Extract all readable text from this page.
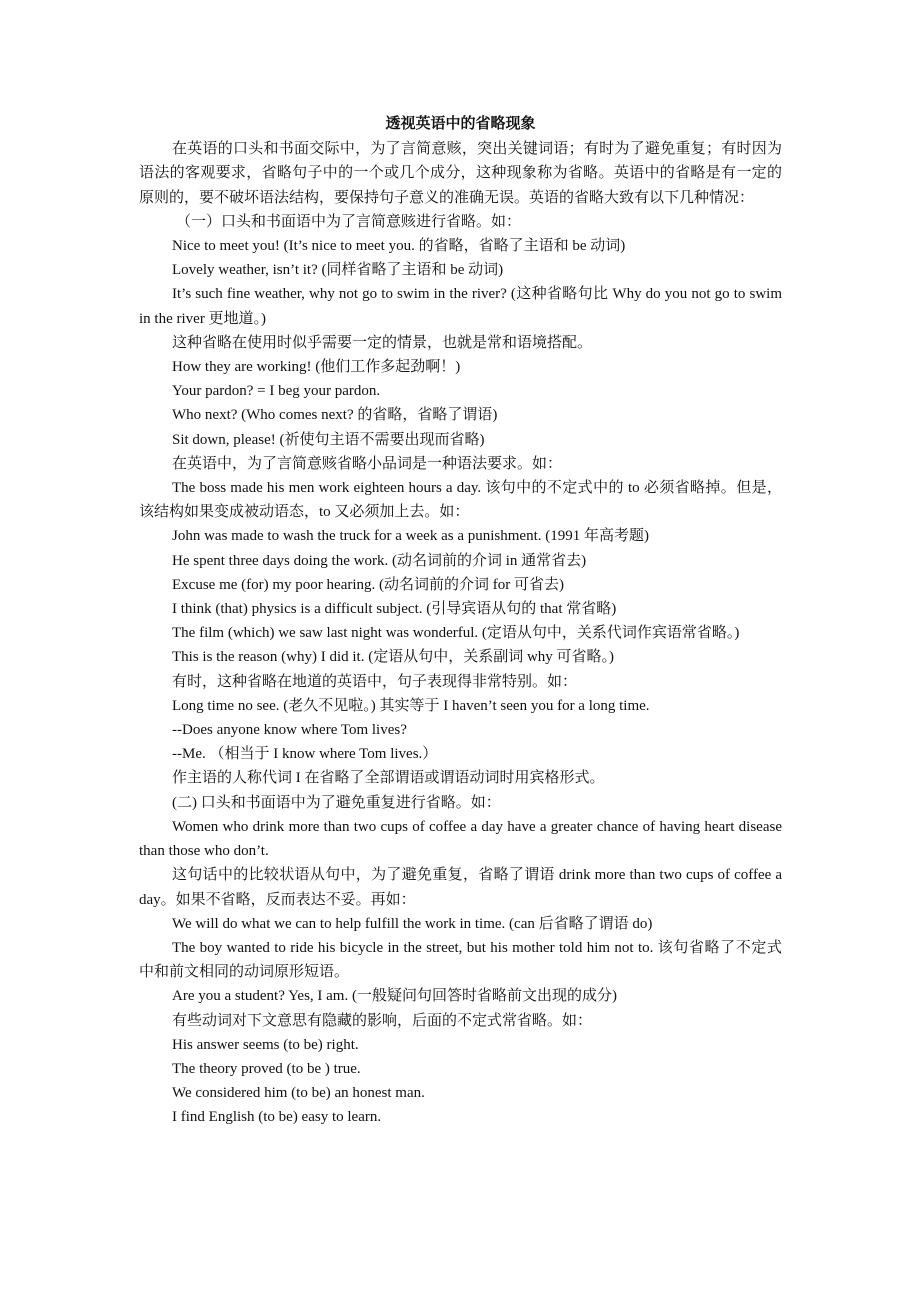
透视英语中的省略现象

在英语的口头和书面交际中，为了言简意赅，突出关键词语；有时为了避免重复；有时因为语法的客观要求，省略句子中的一个或几个成分，这种现象称为省略。英语中的省略是有一定的原则的，要不破坏语法结构，要保持句子意义的准确无误。英语的省略大致有以下几种情况：

（一）口头和书面语中为了言简意赅进行省略。如：

Nice to meet you! (It’s nice to meet you. 的省略，省略了主语和 be 动词)

Lovely weather, isn’t it? (同样省略了主语和 be 动词)

It’s such fine weather, why not go to swim in the river? (这种省略句比 Why do you not go to swim in the river 更地道。)

这种省略在使用时似乎需要一定的情景，也就是常和语境搭配。

How they are working! (他们工作多起劲啊！)

Your pardon? = I beg your pardon.

Who next? (Who comes next? 的省略，省略了谓语)

Sit down, please! (祈使句主语不需要出现而省略)

在英语中，为了言简意赅省略小品词是一种语法要求。如：

The boss made his men work eighteen hours a day. 该句中的不定式中的 to 必须省略掉。但是，该结构如果变成被动语态，to 又必须加上去。如：

John was made to wash the truck for a week as a punishment. (1991 年高考题)

He spent three days doing the work. (动名词前的介词 in 通常省去)

Excuse me (for) my poor hearing. (动名词前的介词 for 可省去)

I think (that) physics is a difficult subject. (引导宾语从句的 that 常省略)

The film (which) we saw last night was wonderful. (定语从句中，关系代词作宾语常省略。)

This is the reason (why) I did it. (定语从句中，关系副词 why 可省略。)

有时，这种省略在地道的英语中，句子表现得非常特别。如：

Long time no see. (老久不见啦。) 其实等于 I haven’t seen you for a long time.

--Does anyone know where Tom lives?

--Me. （相当于 I know where Tom lives.）

作主语的人称代词 I 在省略了全部谓语或谓语动词时用宾格形式。

(二) 口头和书面语中为了避免重复进行省略。如：

Women who drink more than two cups of coffee a day have a greater chance of having heart disease than those who don’t.

这句话中的比较状语从句中，为了避免重复，省略了谓语 drink more than two cups of coffee a day。如果不省略，反而表达不妥。再如：

We will do what we can to help fulfill the work in time. (can 后省略了谓语 do)

The boy wanted to ride his bicycle in the street, but his mother told him not to. 该句省略了不定式中和前文相同的动词原形短语。

Are you a student? Yes, I am. (一般疑问句回答时省略前文出现的成分)

有些动词对下文意思有隐藏的影响，后面的不定式常省略。如：

His answer seems (to be) right.

The theory proved (to be ) true.

We considered him (to be) an honest man.

I find English (to be) easy to learn.
